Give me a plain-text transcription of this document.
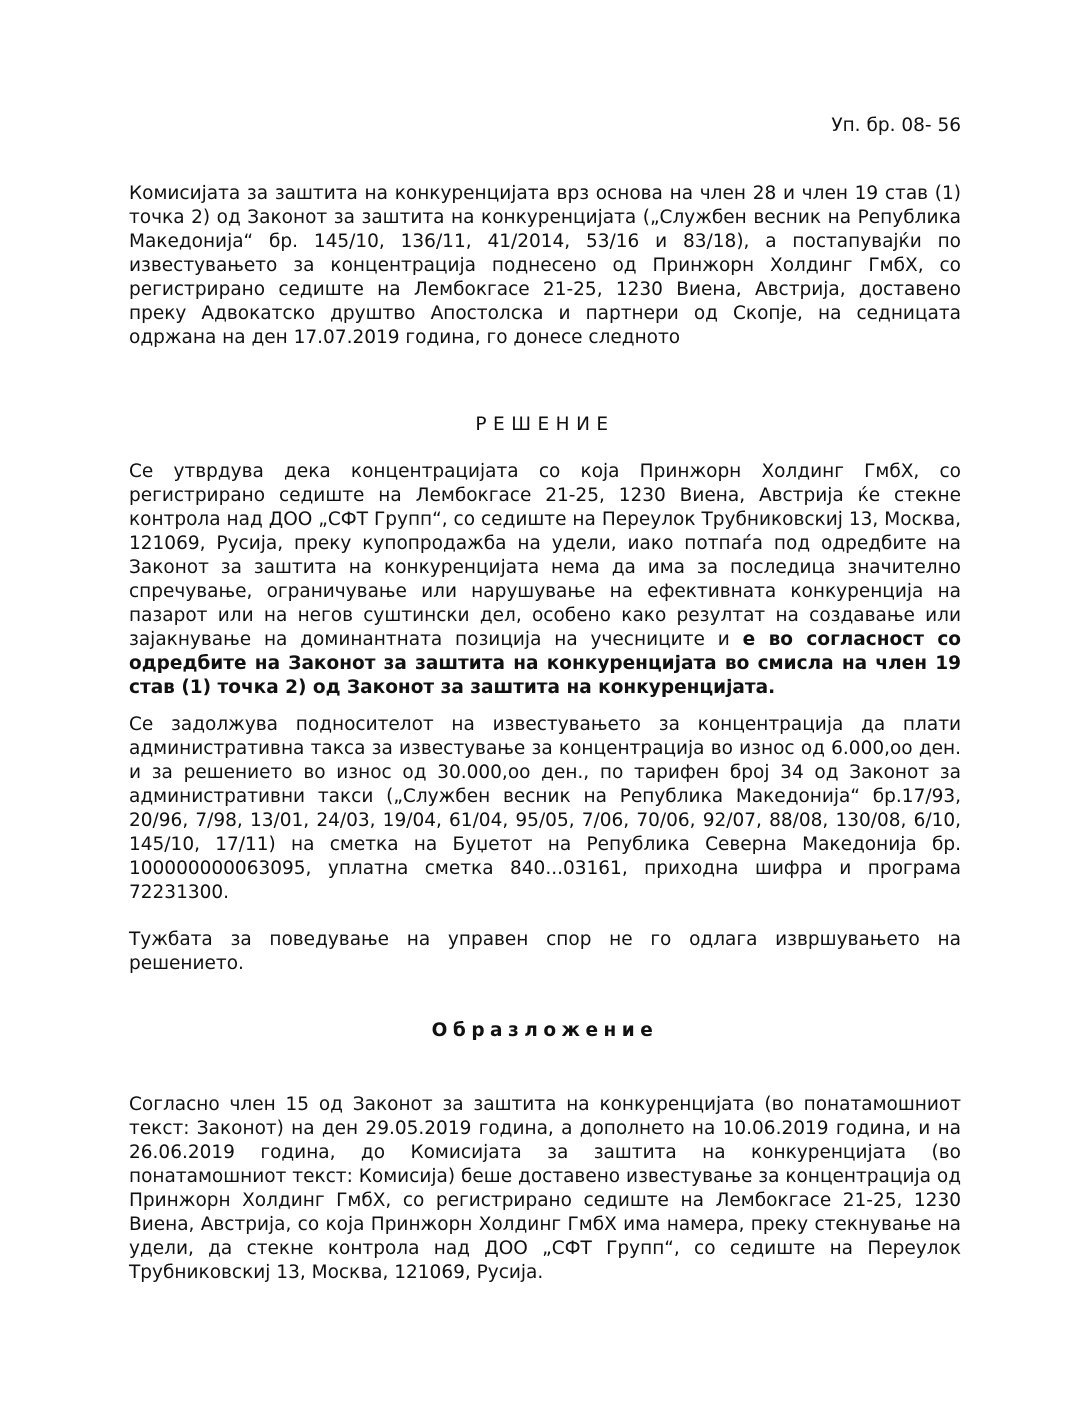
Уп. бр. 08- 56

Комисијата за заштита на конкуренцијата врз основа на член 28 и член 19 став (1) точка 2) од Законот за заштита на конкуренцијата („Службен весник на Република Македонија“ бр. 145/10, 136/11, 41/2014, 53/16 и 83/18), а постапувајќи по известувањето за концентрација поднесено од Принжорн Холдинг ГмбХ, со регистрирано седиште на Лембокгасе 21-25, 1230 Виена, Австрија, доставено преку Адвокатско друштво Апостолска и партнери од Скопје, на седницата одржана на ден 17.07.2019 година, го донесе следното

РЕШЕНИЕ

Се утврдува дека концентрацијата со која Принжорн Холдинг ГмбХ, со регистрирано седиште на Лембокгасе 21-25, 1230 Виена, Австрија ќе стекне контрола над ДОО „СФТ Групп“, со седиште на Переулок Трубниковскиј 13, Москва, 121069, Русија, преку купопродажба на удели, иако потпаѓа под одредбите на Законот за заштита на конкуренцијата нема да има за последица значително спречување, ограничување или нарушување на ефективната конкуренција на пазарот или на негов суштински дел, особено како резултат на создавање или зајакнување на доминантната позиција на учесниците и е во согласност со одредбите на Законот за заштита на конкуренцијата во смисла на член 19 став (1) точка 2) од Законот за заштита на конкуренцијата.

Се задолжува подносителот на известувањето за концентрација да плати административна такса за известување за концентрација во износ од 6.000,оо ден. и за решението во износ од 30.000,оо ден., по тарифен број 34 од Законот за административни такси („Службен весник на Република Македонија“ бр.17/93, 20/96, 7/98, 13/01, 24/03, 19/04, 61/04, 95/05, 7/06, 70/06, 92/07, 88/08, 130/08, 6/10, 145/10, 17/11) на сметка на Буџетот на Република Северна Македонија бр. 100000000063095, уплатна сметка 840...03161, приходна шифра и програма 72231300.

Тужбата за поведување на управен спор не го одлага извршувањето на решението.

Образложение

Согласно член 15 од Законот за заштита на конкуренцијата (во понатамошниот текст: Законот) на ден 29.05.2019 година, а дополнето на 10.06.2019 година, и на 26.06.2019 година, до Комисијата за заштита на конкуренцијата (во понатамошниот текст: Комисија) беше доставено известување за концентрација од Принжорн Холдинг ГмбХ, со регистрирано седиште на Лембокгасе 21-25, 1230 Виена, Австрија, со која Принжорн Холдинг ГмбХ има намера, преку стекнување на удели, да стекне контрола над ДОО „СФТ Групп“, со седиште на Переулок Трубниковскиј 13, Москва, 121069, Русија.
